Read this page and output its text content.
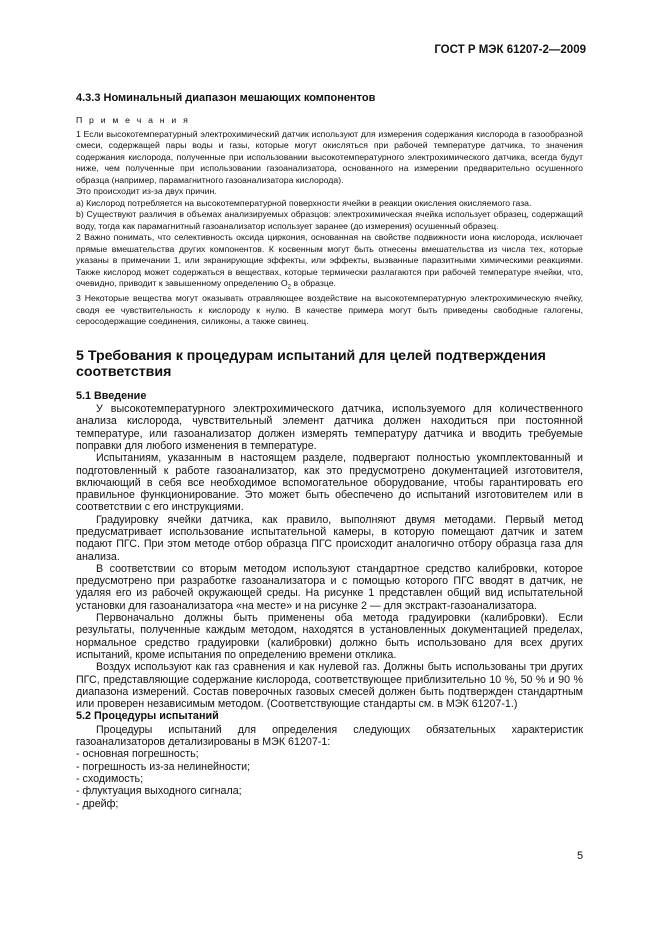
ГОСТ Р МЭК 61207-2—2009
4.3.3 Номинальный диапазон мешающих компонентов

П р и м е ч а н и я

1 Если высокотемпературный электрохимический датчик используют для измерения содержания кислорода в газообразной смеси, содержащей пары воды и газы, которые могут окисляться при рабочей температуре датчика, то значения содержания кислорода, полученные при использовании высокотемпературного электрохимического датчика, всегда будут ниже, чем полученные при использовании газоанализатора, основанного на измерении предварительно осушенного образца (например, парамагнитного газоанализатора кислорода).

Это происходит из-за двух причин.

a) Кислород потребляется на высокотемпературной поверхности ячейки в реакции окисления окисляемого газа.

b) Существуют различия в объемах анализируемых образцов: электрохимическая ячейка использует образец, содержащий воду, тогда как парамагнитный газоанализатор использует заранее (до измерения) осушенный образец.

2 Важно понимать, что селективность оксида циркония, основанная на свойстве подвижности иона кислорода, исключает прямые вмешательства других компонентов. К косвенным могут быть отнесены вмешательства из числа тех, которые указаны в примечании 1, или экранирующие эффекты, или эффекты, вызванные паразитными химическими реакциями. Также кислород может содержаться в веществах, которые термически разлагаются при рабочей температуре ячейки, что, очевидно, приводит к завышенному определению $O_2$ в образце.

3 Некоторые вещества могут оказывать отравляющее воздействие на высокотемпературную электрохимическую ячейку, сводя ее чувствительность к кислороду к нулю. В качестве примера могут быть приведены свободные галогены, серосодержащие соединения, силиконы, а также свинец.

5 Требования к процедурам испытаний для целей подтверждения соответствия
5.1 Введение

У высокотемпературного электрохимического датчика, используемого для количественного анализа кислорода, чувствительный элемент датчика должен находиться при постоянной температуре, или газоанализатор должен измерять температуру датчика и вводить требуемые поправки для любого изменения в температуре.

Испытаниям, указанным в настоящем разделе, подвергают полностью укомплектованный и подготовленный к работе газоанализатор, как это предусмотрено документацией изготовителя, включающий в себя все необходимое вспомогательное оборудование, чтобы гарантировать его правильное функционирование. Это может быть обеспечено до испытаний изготовителем или в соответствии с его инструкциями.

Градуировку ячейки датчика, как правило, выполняют двумя методами. Первый метод предусматривает использование испытательной камеры, в которую помещают датчик и затем подают ПГС. При этом методе отбор образца ПГС происходит аналогично отбору образца газа для анализа.

В соответствии со вторым методом используют стандартное средство калибровки, которое предусмотрено при разработке газоанализатора и с помощью которого ПГС вводят в датчик, не удаляя его из рабочей окружающей среды. На рисунке 1 представлен общий вид испытательной установки для газоанализатора «на месте» и на рисунке 2 — для экстракт-газоанализатора.

Первоначально должны быть применены оба метода градуировки (калибровки). Если результаты, полученные каждым методом, находятся в установленных документацией пределах, нормальное средство градуировки (калибровки) должно быть использовано для всех других испытаний, кроме испытания по определению времени отклика.

Воздух используют как газ сравнения и как нулевой газ. Должны быть использованы три других ПГС, представляющие содержание кислорода, соответствующее приблизительно 10 %, 50 % и 90 % диапазона измерений. Состав поверочных газовых смесей должен быть подтвержден стандартным или проверен независимым методом. (Соответствующие стандарты см. в МЭК 61207-1.)

5.2 Процедуры испытаний

Процедуры испытаний для определения следующих обязательных характеристик газоанализаторов детализированы в МЭК 61207-1:

- основная погрешность;

- погрешность из-за нелинейности;

- сходимость;

- флуктуация выходного сигнала;

- дрейф;

5
